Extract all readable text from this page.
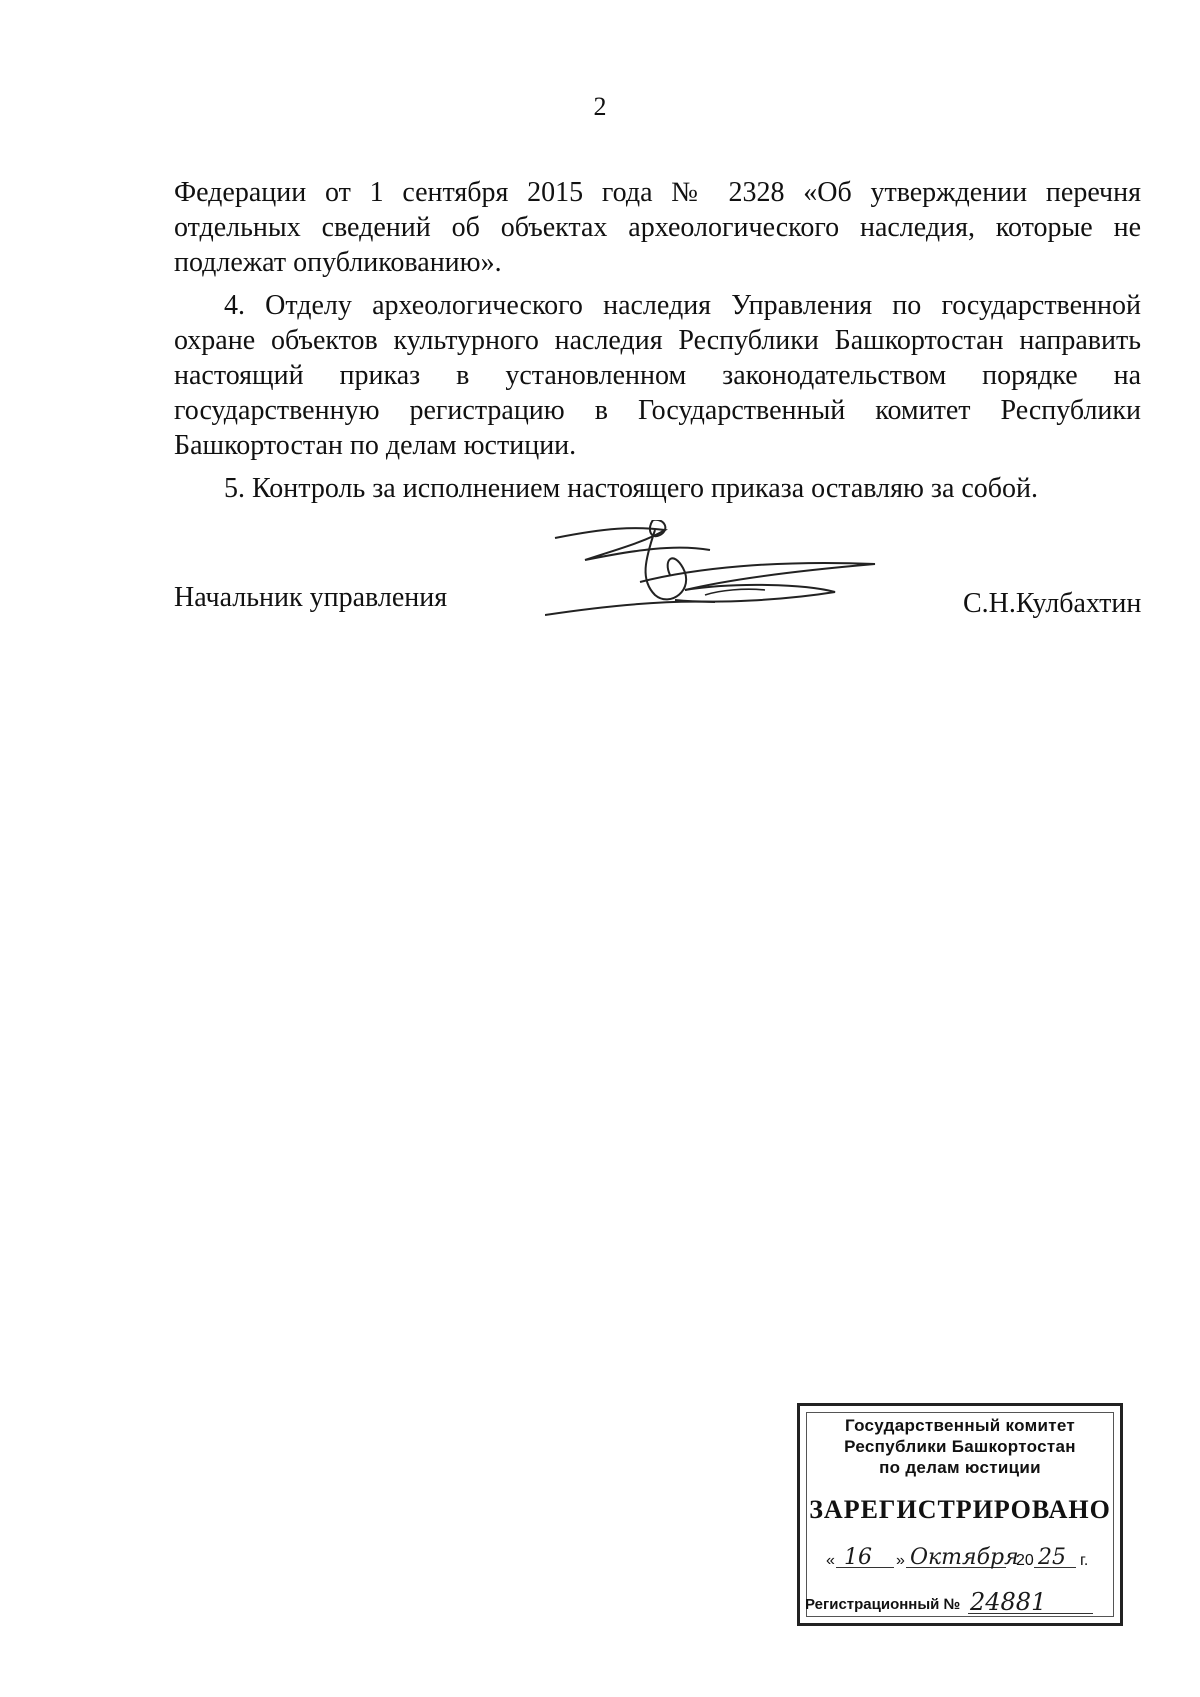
2

Федерации от 1 сентября 2015 года № 2328 «Об утверждении перечня отдельных сведений об объектах археологического наследия, которые не подлежат опубликованию».

4. Отделу археологического наследия Управления по государственной охране объектов культурного наследия Республики Башкортостан направить настоящий приказ в установленном законодательством порядке на государственную регистрацию в Государственный комитет Республики Башкортостан по делам юстиции.

5. Контроль за исполнением настоящего приказа оставляю за собой.

Начальник управления	С.Н.Кулбахтин
Государственный комитет
Республики Башкортостан
по делам юстиции
ЗАРЕГИСТРИРОВАНО
« 16 » Октября
20 25 г.
Регистрационный № 24881
